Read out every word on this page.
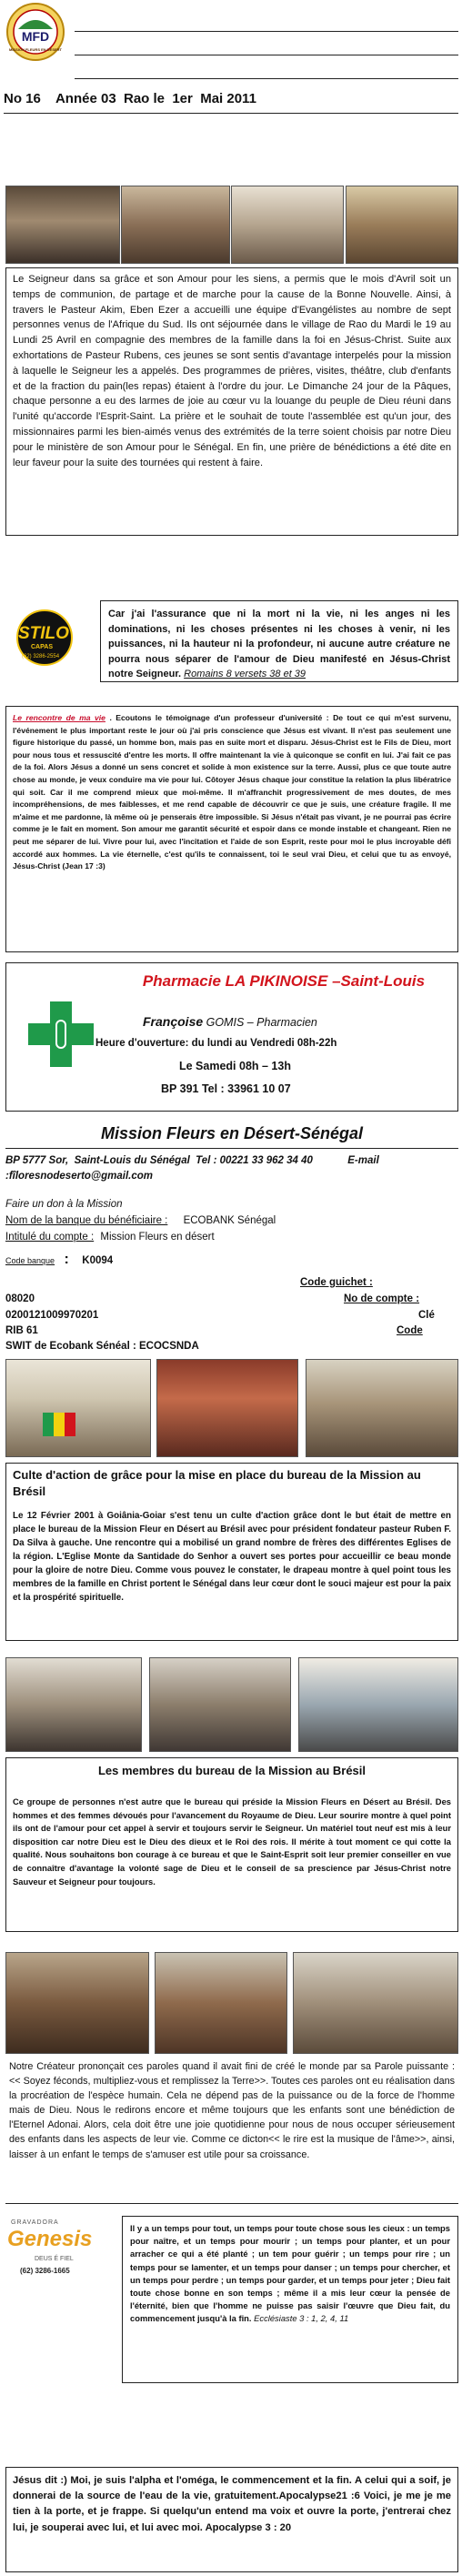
MFD
MISSION FLEURS EN DÉSERT
No 16    Année 03  Rao le  1er  Mai 2011

Le Seigneur dans sa grâce et son Amour pour les siens, a permis que le mois d'Avril soit un temps de communion, de partage et de marche pour la cause de la Bonne Nouvelle. Ainsi, à travers le Pasteur Akim, Eben Ezer a accueilli une équipe d'Evangélistes au nombre de sept personnes venus de l'Afrique du Sud. Ils ont séjournée dans le village de Rao du Mardi le 19 au Lundi 25 Avril en compagnie des membres de la famille dans la foi en Jésus-Christ. Suite aux exhortations de Pasteur Rubens, ces jeunes se sont sentis d'avantage interpelés pour la mission à laquelle le Seigneur les a appelés. Des programmes de prières, visites, théâtre, club d'enfants et de la fraction du pain(les repas) étaient à l'ordre du jour. Le Dimanche 24 jour de la Pâques, chaque personne a eu des larmes de joie au cœur vu la louange du peuple de Dieu réuni dans l'unité qu'accorde l'Esprit-Saint. La prière et le souhait de toute l'assemblée est qu'un jour, des missionnaires parmi les bien-aimés venus des extrémités de la terre soient choisis par notre Dieu pour le ministère de son Amour pour le Sénégal. En fin, une prière de bénédictions a été dite en leur faveur pour la suite des tournées qui restent à faire.

STILO
CAPAS
(62) 3286-2554

Car j'ai l'assurance que ni la mort ni la vie, ni les anges ni les dominations, ni les choses présentes ni les choses à venir, ni les puissances, ni la hauteur ni la profondeur, ni aucune autre créature ne pourra nous séparer de l'amour de Dieu manifesté en Jésus-Christ notre Seigneur. Romains 8 versets 38 et 39

Le rencontre de ma vie . Ecoutons le témoignage d'un professeur d'université : De tout ce qui m'est survenu, l'événement le plus important reste le jour où j'ai pris conscience que Jésus est vivant. Il n'est pas seulement une figure historique du passé, un homme bon, mais pas en suite mort et disparu. Jésus-Christ est le Fils de Dieu, mort pour nous tous et ressuscité d'entre les morts. Il offre maintenant la vie à quiconque se confit en lui. J'ai fait ce pas de la foi. Alors Jésus a donné un sens concret et solide à mon existence sur la terre. Aussi, plus ce que toute autre chose au monde, je veux conduire ma vie pour lui. Côtoyer Jésus chaque jour constitue la relation la plus libératrice qui soit. Car il me comprend mieux que moi-même. Il m'affranchit progressivement de mes doutes, de mes incompréhensions, de mes faiblesses, et me rend capable de découvrir ce que je suis, une créature fragile. Il me m'aime et me pardonne, là même où je penserais être impossible. Si Jésus n'était pas vivant, je ne pourrai pas écrire comme je le fait en moment. Son amour me garantit sécurité et espoir dans ce monde instable et changeant. Rien ne peut me séparer de lui. Vivre pour lui, avec l'incitation et l'aide de son Esprit, reste pour moi le plus incroyable défi accordé aux hommes. La vie éternelle, c'est qu'ils te connaissent, toi le seul vrai Dieu, et celui que tu as envoyé, Jésus-Christ (Jean 17 :3)

Pharmacie LA PIKINOISE –Saint-Louis
Françoise GOMIS – Pharmacien
Heure d'ouverture: du lundi au Vendredi 08h-22h
Le Samedi 08h – 13h
BP 391 Tel : 33961 10 07
Mission Fleurs en Désert-Sénégal
BP 5777 Sor,  Saint-Louis du Sénégal  Tel : 00221 33 962 34 40            E-mail :fîloresnodeserto@gmail.com
Faire un don à la Mission
Nom de la banque du bénéficiaire : ECOBANK Sénégal
Intitulé du compte : Mission Fleurs en désert
Code banque : K0094
Code guichet :
08020	No de compte :
0200121009970201	Clé
RIB 61	Code
SWIT de Ecobank Sénéal : ECOCSNDA

Culte d'action de grâce pour la mise en place du bureau de la Mission au Brésil

Le 12 Février 2001 à Goiânia-Goiar s'est tenu un culte d'action grâce dont le but était de mettre en place le bureau de la Mission Fleur en Désert au Brésil avec pour président fondateur pasteur Ruben F. Da Silva à gauche. Une rencontre qui a mobilisé un grand nombre de frères des différentes Eglises de la région. L'Eglise Monte da Santidade do Senhor a ouvert ses portes pour accueillir ce beau monde pour la gloire de notre Dieu. Comme vous pouvez le constater, le drapeau montre à quel point tous les membres de la famille en Christ portent le Sénégal dans leur cœur dont le souci majeur est pour la paix et la prospérité spirituelle.

Les membres du bureau de la Mission au Brésil

Ce groupe de personnes n'est autre que le bureau qui préside la Mission Fleurs en Désert au Brésil. Des hommes et des femmes dévoués pour l'avancement du Royaume de Dieu. Leur sourire montre à quel point ils ont de l'amour pour cet appel à servir et toujours servir le Seigneur. Un matériel tout neuf est mis à leur disposition car notre Dieu est le Dieu des dieux et le Roi des rois. Il mérite à tout moment ce qui cotte la qualité. Nous souhaitons bon courage à ce bureau et que le Saint-Esprit soit leur premier conseiller en vue de connaître d'avantage la volonté sage de Dieu et le conseil de sa prescience par Jésus-Christ notre Sauveur et Seigneur pour toujours.

Notre Créateur prononçait ces paroles quand il avait fini de créé le monde par sa Parole puissante : << Soyez féconds, multipliez-vous et remplissez la Terre>>. Toutes ces paroles ont eu réalisation dans la procréation de l'espèce humain. Cela ne dépend pas de la puissance ou de la force de l'homme mais de Dieu. Nous le redirons encore et même toujours que les enfants sont une bénédiction de l'Eternel Adonai. Alors, cela doit être une joie quotidienne pour nous de nous occuper sérieusement des enfants dans les aspects de leur vie. Comme ce dicton<< le rire est la musique de l'âme>>, ainsi, laisser à un enfant le temps de s'amuser est utile pour sa croissance.

GRAVADORA
Genesis
DEUS É FIEL
(62) 3286-1665

Il y a un temps pour tout, un temps pour toute chose sous les cieux : un temps pour naître, et un temps pour mourir ; un temps pour planter, et un pour arracher ce qui a été planté ; un tem pour guérir ; un temps pour rire ; un temps pour se lamenter, et un temps pour danser ; un temps pour chercher, et un temps pour perdre ; un temps pour garder, et un temps pour jeter ; Dieu fait toute chose bonne en son temps ; même il a mis leur cœur la pensée de l'éternité, bien que l'homme ne puisse pas saisir l'œuvre que Dieu fait, du commencement jusqu'à la fin. Ecclésiaste 3 : 1, 2, 4, 11

Jésus dit :) Moi, je suis l'alpha et l'oméga, le commencement et la fin. A celui qui a soif, je donnerai de la source de l'eau de la vie, gratuitement.Apocalypse21 :6 Voici, je me je me tien à la porte, et je frappe. Si quelqu'un entend ma voix et ouvre la porte, j'entrerai chez lui, je souperai avec lui, et lui avec moi. Apocalypse 3 : 20
